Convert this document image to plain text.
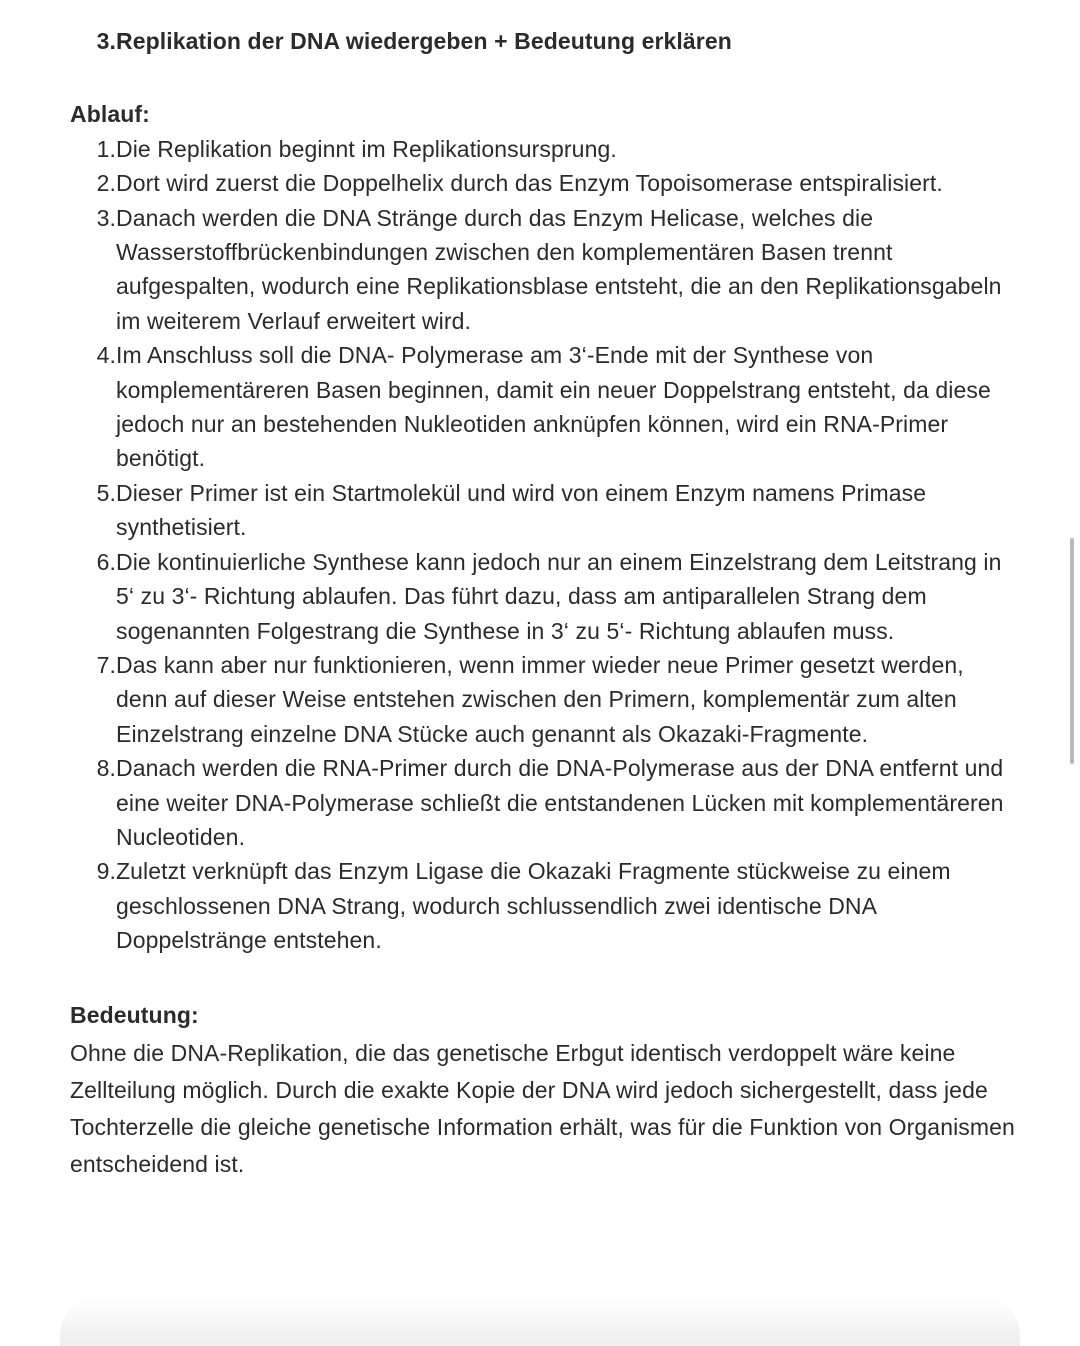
3. Replikation der DNA wiedergeben + Bedeutung erklären
Ablauf:
1. Die Replikation beginnt im Replikationsursprung.
2. Dort wird zuerst die Doppelhelix durch das Enzym Topoisomerase entspiralisiert.
3. Danach werden die DNA Stränge durch das Enzym Helicase, welches die Wasserstoffbrückenbindungen zwischen den komplementären Basen trennt aufgespalten, wodurch eine Replikationsblase entsteht, die an den Replikationsgabeln im weiterem Verlauf erweitert wird.
4. Im Anschluss soll die DNA- Polymerase am 3‘-Ende mit der Synthese von komplementäreren Basen beginnen, damit ein neuer Doppelstrang entsteht, da diese jedoch nur an bestehenden Nukleotiden anknüpfen können, wird ein RNA-Primer benötigt.
5. Dieser Primer ist ein Startmolekül und wird von einem Enzym namens Primase synthetisiert.
6. Die kontinuierliche Synthese kann jedoch nur an einem Einzelstrang dem Leitstrang in 5‘ zu 3‘- Richtung ablaufen. Das führt dazu, dass am antiparallelen Strang dem sogenannten Folgestrang die Synthese in 3‘ zu 5‘- Richtung ablaufen muss.
7. Das kann aber nur funktionieren, wenn immer wieder neue Primer gesetzt werden, denn auf dieser Weise entstehen zwischen den Primern, komplementär zum alten Einzelstrang einzelne DNA Stücke auch genannt als Okazaki-Fragmente.
8. Danach werden die RNA-Primer durch die DNA-Polymerase aus der DNA entfernt und eine weiter DNA-Polymerase schließt die entstandenen Lücken mit komplementäreren Nucleotiden.
9. Zuletzt verknüpft das Enzym Ligase die Okazaki Fragmente stückweise zu einem geschlossenen DNA Strang, wodurch schlussendlich zwei identische DNA Doppelstränge entstehen.
Bedeutung:

Ohne die DNA-Replikation, die das genetische Erbgut identisch verdoppelt wäre keine Zellteilung möglich. Durch die exakte Kopie der DNA wird jedoch sichergestellt, dass jede Tochterzelle die gleiche genetische Information erhält, was für die Funktion von Organismen entscheidend ist.
